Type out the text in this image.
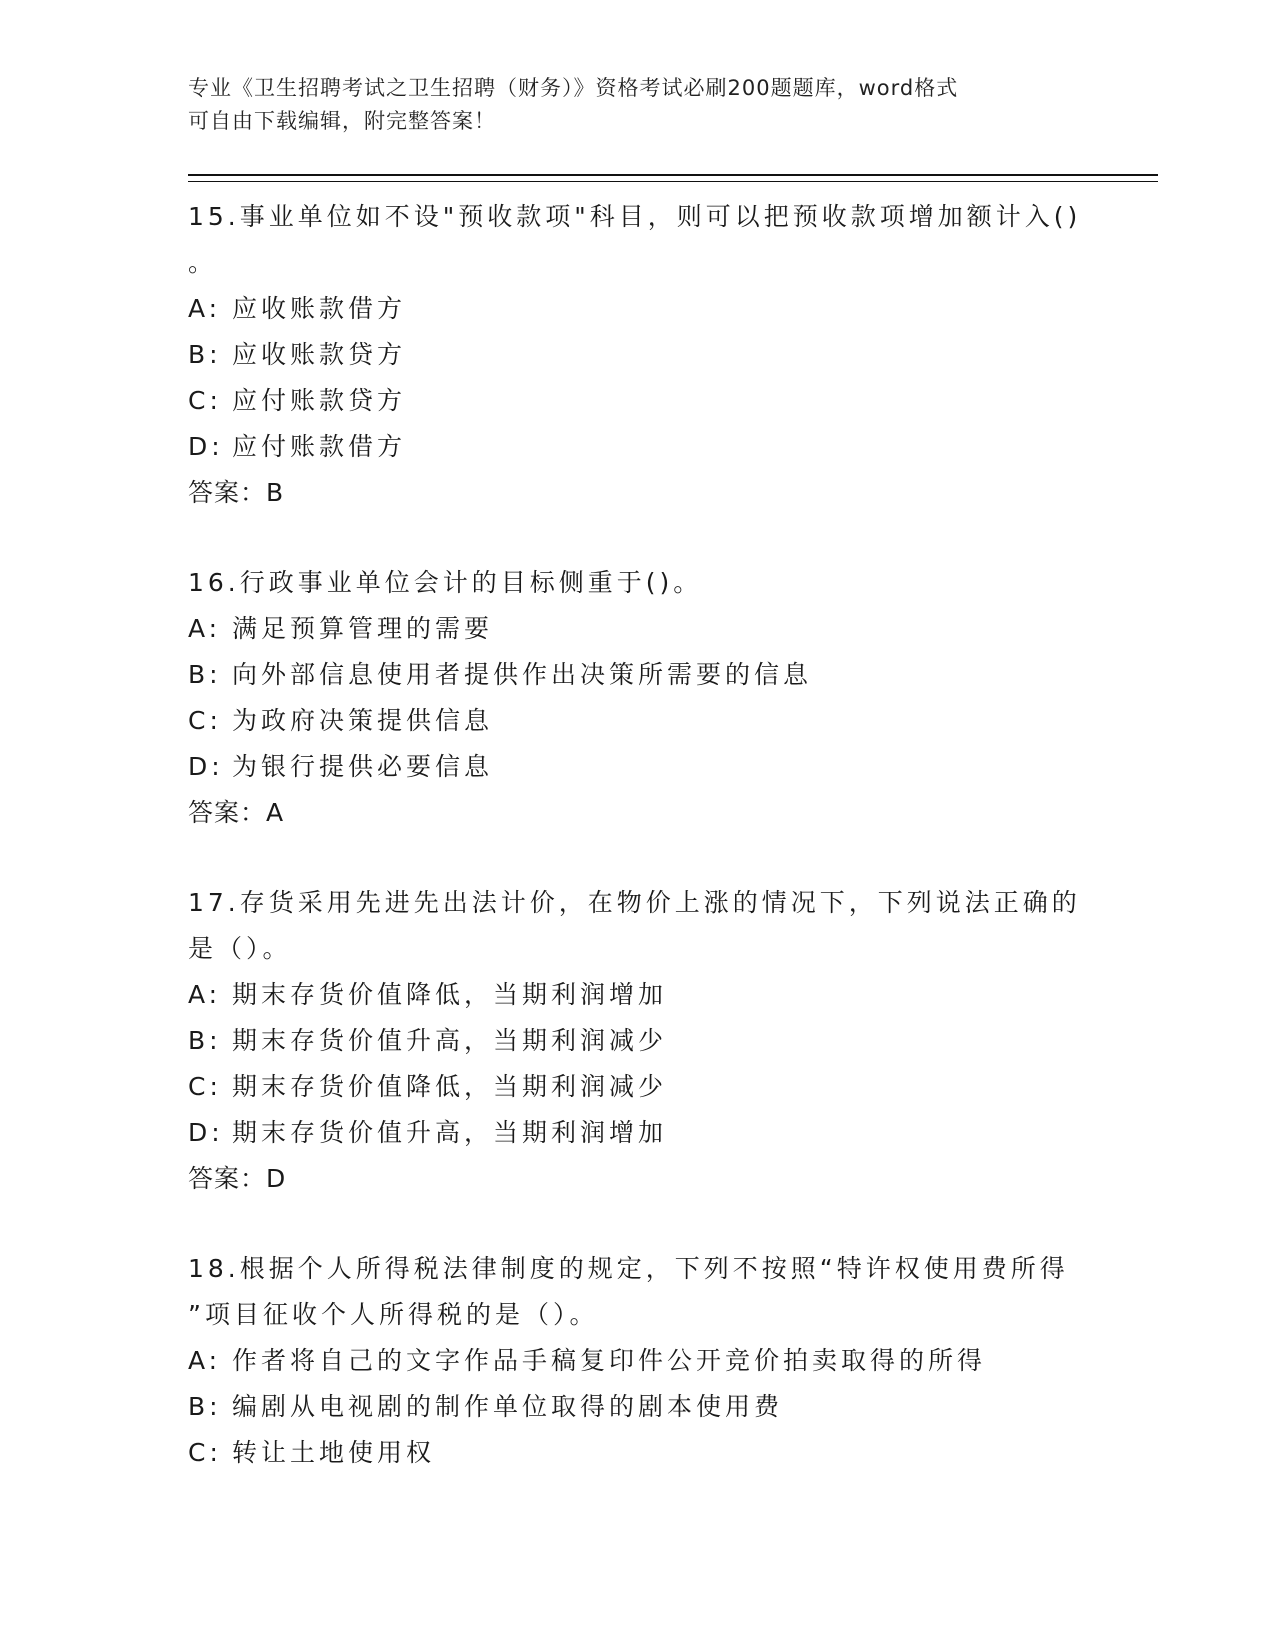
专业《卫生招聘考试之卫生招聘（财务）》资格考试必刷200题题库，word格式
可自由下载编辑，附完整答案！

15.事业单位如不设"预收款项"科目，则可以把预收款项增加额计入()
。

A: 应收账款借方

B: 应收账款贷方

C: 应付账款贷方

D: 应付账款借方

答案：B

16.行政事业单位会计的目标侧重于()。

A: 满足预算管理的需要

B: 向外部信息使用者提供作出决策所需要的信息

C: 为政府决策提供信息

D: 为银行提供必要信息

答案：A

17.存货采用先进先出法计价，在物价上涨的情况下，下列说法正确的
是（）。

A: 期末存货价值降低，当期利润增加

B: 期末存货价值升高，当期利润减少

C: 期末存货价值降低，当期利润减少

D: 期末存货价值升高，当期利润增加

答案：D

18.根据个人所得税法律制度的规定，下列不按照“特许权使用费所得
”项目征收个人所得税的是（）。

A: 作者将自己的文字作品手稿复印件公开竞价拍卖取得的所得

B: 编剧从电视剧的制作单位取得的剧本使用费

C: 转让土地使用权
